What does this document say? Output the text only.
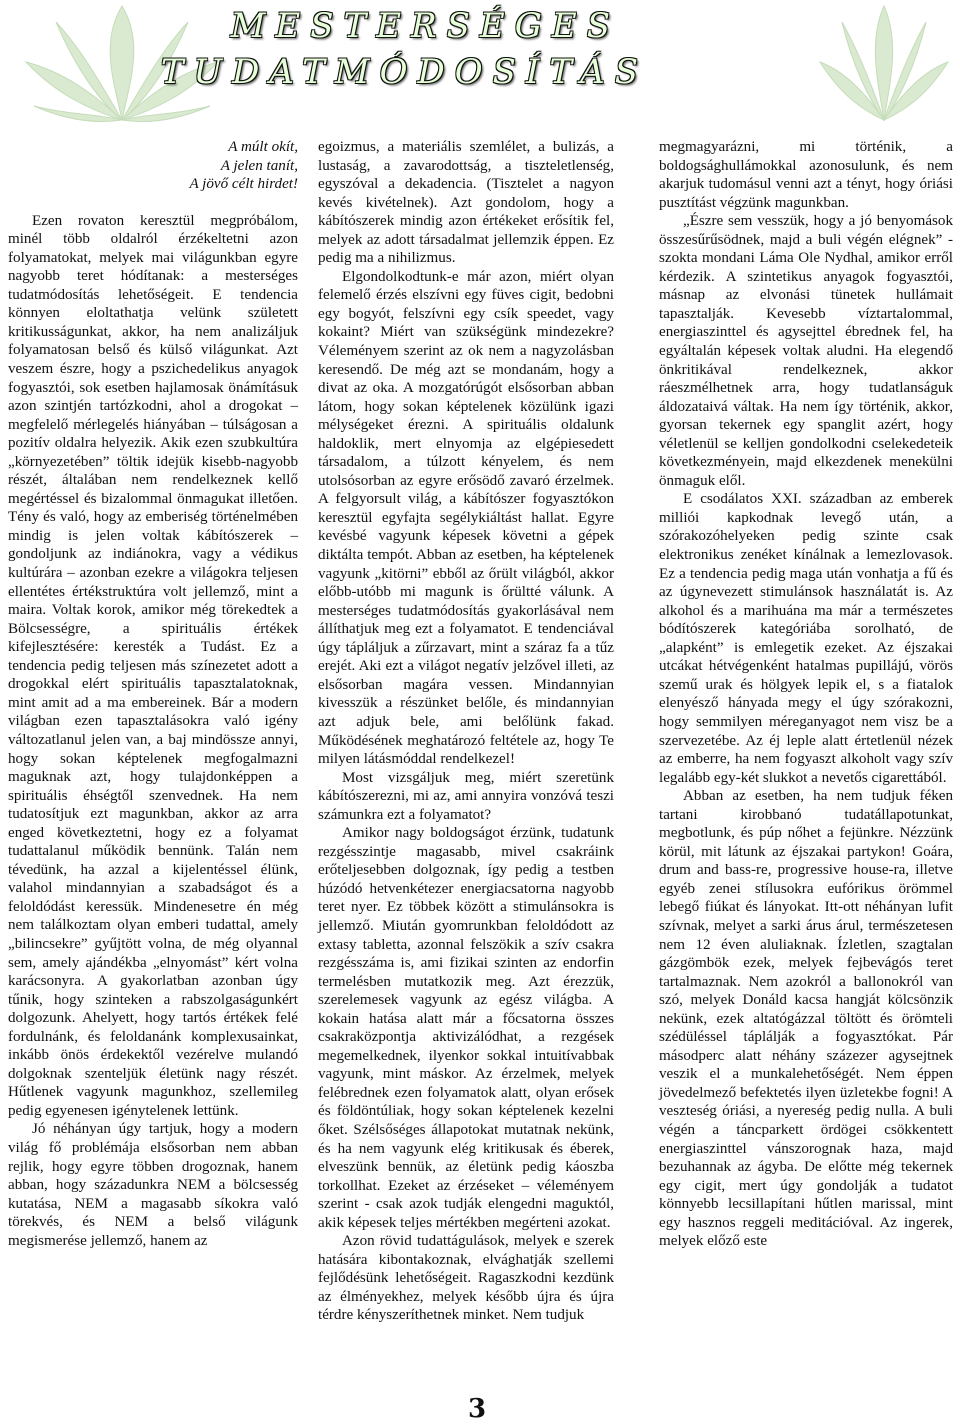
MESTERSÉGES
TUDATMÓDOSÍTÁS
A múlt okít,
A jelen tanít,
A jövő célt hirdet!

Ezen rovaton keresztül megpróbálom, minél több oldalról érzékeltetni azon folyamatokat, melyek mai világunkban egyre nagyobb teret hódítanak: a mesterséges tudatmódosítás lehetőségeit. E tendencia könnyen eloltathatja velünk született kritikusságunkat, akkor, ha nem analizáljuk folyamatosan belső és külső világunkat. Azt veszem észre, hogy a pszichedelikus anyagok fogyasztói, sok esetben hajlamosak önámításuk azon szintjén tartózkodni, ahol a drogokat – megfelelő mérlegelés hiányában – túlságosan a pozitív oldalra helyezik. Akik ezen szubkultúra „környezetében” töltik idejük kisebb-nagyobb részét, általában nem rendelkeznek kellő megértéssel és bizalommal önmagukat illetően. Tény és való, hogy az emberiség történelmében mindig is jelen voltak kábítószerek – gondoljunk az indiánokra, vagy a védikus kultúrára – azonban ezekre a világokra teljesen ellentétes értékstruktúra volt jellemző, mint a maira. Voltak korok, amikor még törekedtek a Bölcsességre, a spirituális értékek kifejlesztésére: keresték a Tudást. Ez a tendencia pedig teljesen más színezetet adott a drogokkal elért spirituális tapasztalatoknak, mint amit ad a ma embereinek. Bár a modern világban ezen tapasztalásokra való igény változatlanul jelen van, a baj mindössze annyi, hogy sokan képtelenek megfogalmazni maguknak azt, hogy tulajdonképpen a spirituális éhségtől szenvednek. Ha nem tudatosítjuk ezt magunkban, akkor az arra enged következtetni, hogy ez a folyamat tudattalanul működik bennünk. Talán nem tévedünk, ha azzal a kijelentéssel élünk, valahol mindannyian a szabadságot és a feloldódást keressük. Mindenesetre én még nem találkoztam olyan emberi tudattal, amely „bilincsekre” gyűjtött volna, de még olyannal sem, amely ajándékba „elnyomást” kért volna karácsonyra. A gyakorlatban azonban úgy tűnik, hogy szinteken a rabszolgaságunkért dolgozunk. Ahelyett, hogy tartós értékek felé fordulnánk, és feloldanánk komplexusainkat, inkább önös érdekektől vezérelve mulandó dolgoknak szenteljük életünk nagy részét. Hűtlenek vagyunk magunkhoz, szellemileg pedig egyenesen igénytelenek lettünk.

Jó néhányan úgy tartjuk, hogy a modern világ fő problémája elsősorban nem abban rejlik, hogy egyre többen drogoznak, hanem abban, hogy századunkra NEM a bölcsesség kutatása, NEM a magasabb síkokra való törekvés, és NEM a belső világunk megismerése jellemző, hanem az

egoizmus, a materiális szemlélet, a bulizás, a lustaság, a zavarodottság, a tiszteletlenség, egyszóval a dekadencia. (Tisztelet a nagyon kevés kivételnek). Azt gondolom, hogy a kábítószerek mindig azon értékeket erősítik fel, melyek az adott társadalmat jellemzik éppen. Ez pedig ma a nihilizmus.

Elgondolkodtunk-e már azon, miért olyan felemelő érzés elszívni egy füves cigit, bedobni egy bogyót, felszívni egy csík speedet, vagy kokaint? Miért van szükségünk mindezekre? Véleményem szerint az ok nem a nagyzolásban keresendő. De még azt se mondanám, hogy a divat az oka. A mozgatórúgót elsősorban abban látom, hogy sokan képtelenek közülünk igazi mélységeket érezni. A spirituális oldalunk haldoklik, mert elnyomja az elgépiesedett társadalom, a túlzott kényelem, és nem utolsósorban az egyre erősödő zavaró érzelmek. A felgyorsult világ, a kábítószer fogyasztókon keresztül egyfajta segélykiáltást hallat. Egyre kevésbé vagyunk képesek követni a gépek diktálta tempót. Abban az esetben, ha képtelenek vagyunk „kitörni” ebből az őrült világból, akkor előbb-utóbb mi magunk is őrültté válunk. A mesterséges tudatmódosítás gyakorlásával nem állíthatjuk meg ezt a folyamatot. E tendenciával úgy tápláljuk a zűrzavart, mint a száraz fa a tűz erejét. Aki ezt a világot negatív jelzővel illeti, az elsősorban magára vessen. Mindannyian kivesszük a részünket belőle, és mindannyian azt adjuk bele, ami belőlünk fakad. Működésének meghatározó feltétele az, hogy Te milyen látásmóddal rendelkezel!

Most vizsgáljuk meg, miért szeretünk kábítószerezni, mi az, ami annyira vonzóvá teszi számunkra ezt a folyamatot?

Amikor nagy boldogságot érzünk, tudatunk rezgésszintje magasabb, mivel csakráink erőteljesebben dolgoznak, így pedig a testben húzódó hetvenkétezer energiacsatorna nagyobb teret nyer. Ez többek között a stimulánsokra is jellemző. Miután gyomrunkban feloldódott az extasy tabletta, azonnal felszökik a szív csakra rezgésszáma is, ami fizikai szinten az endorfin termelésben mutatkozik meg. Azt érezzük, szerelemesek vagyunk az egész világba. A kokain hatása alatt már a főcsatorna összes csakraközpontja aktivizálódhat, a rezgések megemelkednek, ilyenkor sokkal intuitívabbak vagyunk, mint máskor. Az érzelmek, melyek felébrednek ezen folyamatok alatt, olyan erősek és földöntúliak, hogy sokan képtelenek kezelni őket. Szélsőséges állapotokat mutatnak nekünk, és ha nem vagyunk elég kritikusak és éberek, elveszünk bennük, az életünk pedig káoszba torkollhat. Ezeket az érzéseket – véleményem szerint - csak azok tudják elengedni maguktól, akik képesek teljes mértékben megérteni azokat.

Azon rövid tudattágulások, melyek e szerek hatására kibontakoznak, elvághatják szellemi fejlődésünk lehetőségeit. Ragaszkodni kezdünk az élményekhez, melyek később újra és újra térdre kényszeríthetnek minket. Nem tudjuk

megmagyarázni, mi történik, a boldogsághullámokkal azonosulunk, és nem akarjuk tudomásul venni azt a tényt, hogy óriási pusztítást végzünk magunkban.

„Észre sem vesszük, hogy a jó benyomások összesűrűsödnek, majd a buli végén elégnek” - szokta mondani Láma Ole Nydhal, amikor erről kérdezik. A szintetikus anyagok fogyasztói, másnap az elvonási tünetek hullámait tapasztalják. Kevesebb víztartalommal, energiaszinttel és agysejttel ébrednek fel, ha egyáltalán képesek voltak aludni. Ha elegendő önkritikával rendelkeznek, akkor ráeszmélhetnek arra, hogy tudatlanságuk áldozataivá váltak. Ha nem így történik, akkor, gyorsan tekernek egy spanglit azért, hogy véletlenül se kelljen gondolkodni cselekedeteik következményein, majd elkezdenek menekülni önmaguk elől.

E csodálatos XXI. században az emberek milliói kapkodnak levegő után, a szórakozóhelyeken pedig szinte csak elektronikus zenéket kínálnak a lemezlovasok. Ez a tendencia pedig maga után vonhatja a fű és az úgynevezett stimulánsok használatát is. Az alkohol és a marihuána ma már a természetes bódítószerek kategóriába sorolható, de „alapként” is emlegetik ezeket. Az éjszakai utcákat hétvégenként hatalmas pupillájú, vörös szemű urak és hölgyek lepik el, s a fiatalok elenyésző hányada megy el úgy szórakozni, hogy semmilyen méreganyagot nem visz be a szervezetébe. Az éj leple alatt értetlenül nézek az emberre, ha nem fogyaszt alkoholt vagy szív legalább egy-két slukkot a nevetős cigarettából.

Abban az esetben, ha nem tudjuk féken tartani kirobbanó tudatállapotunkat, megbotlunk, és púp nőhet a fejünkre. Nézzünk körül, mit látunk az éjszakai partykon! Goára, drum and bass-re, progressive house-ra, illetve egyéb zenei stílusokra eufórikus örömmel lebegő fiúkat és lányokat. Itt-ott néhányan lufit szívnak, melyet a sarki árus árul, természetesen nem 12 éven aluliaknak. Ízletlen, szagtalan gázgömbök ezek, melyek fejbevágós teret tartalmaznak. Nem azokról a ballonokról van szó, melyek Donáld kacsa hangját kölcsönzik nekünk, ezek altatógázzal töltött és örömteli szédüléssel táplálják a fogyasztókat. Pár másodperc alatt néhány százezer agysejtnek veszik el a munkalehetőségét. Nem éppen jövedelmező befektetés ilyen üzletekbe fogni! A veszteség óriási, a nyereség pedig nulla. A buli végén a táncparkett ördögei csökkentett energiaszinttel vánszorognak haza, majd bezuhannak az ágyba. De előtte még tekernek egy cigit, mert úgy gondolják a tudatot könnyebb lecsillapítani hűtlen marissal, mint egy hasznos reggeli meditációval. Az ingerek, melyek előző este

3
